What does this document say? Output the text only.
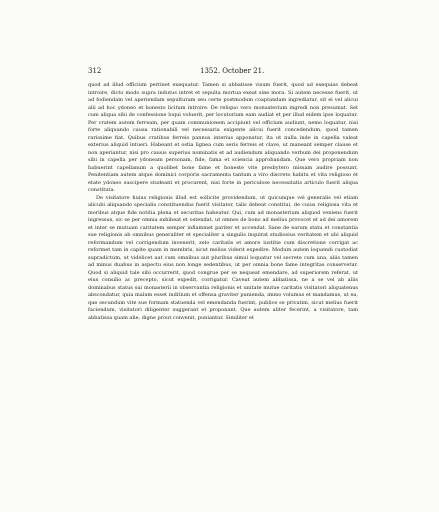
312	1352. October 21.

quod ad illud officium pertinet exequatur. Tamen si abbatisse visum fuerit, quod ad exequias debeat introire, dicto modo supra indutus intret et sepulta mortua exeat sine mora. Si autem necesse fuerit, ut ad fodiendam vel aperiendam sepulturam seu certe postmodum coaptandam ingrediatur, sit ei vel alicui alii ad hoc ydoneo et honesto licitum introire. De reliquo vero monasterium ingredi non presumat. Set cum aliqua sibi de confessione loqui voluerit, per locutorium eam audiat et per illud eidem ipse loquatur. Per cratem autem ferream, per quam communionem accipiunt vel officium audiunt, nemo loquatur, nisi forte aliquando causa rationabili vel necessaria exigente alicui fuerit concedendum, quod tamen rarissime fiat. Quibus cratibus ferreis pannus interius apponatur, ita ut nulla inde in capella valeat exterius aliquid intueri. Habeant et ostia lignea cum seris ferreis et clave, ut maneant semper clause et non aperiantur, nisi pro causis superius nominatis et ad audiendum aliquando verbum dei proponendum sibi in capella per ydoneam personam, fide, fama et sciencia approbandam. Que vero propriam non habuerint capellanum a quolibet bone fame et honeste vite presbytero missam audire possunt. Penitentiam autem atque dominici corporis sacramenta tantum a viro discreto habitu et vita religioso et etate ydoneo suscipere studeant et procurent, nisi forte in periculose necessitatis articulo fuerit aliqua constituta.

De visitatore huius religionis illud est sollicite providendum, ut quicunque vel generalis vel etiam alicubi aliquando specialis constituendus fuerit visitator, talis debeat constitui, de cuius religiosa vita et moribus atque fide notitia plena et securitas habeatur. Qui, cum ad monasterium aliquod veniens fuerit ingressus, sic se per omnia exhibeat et ostendat, ut omnes de bono ad melius provocet et ad dei amorem et inter se mutuam caritatem semper inflammet pariter et accendat. Sane de earum statu et constantia sue religionis ab omnibus generaliter et specialiter a singulis inquirat studiosius veritatem et ubi aliquid reformandum vel corrigendum invenerit, zelo caritatis et amore iustitie cum discretione corrigat ac reformet tam in capite quam in membris, sicut melius viderit expedire. Modum autem loquendi custodiat supradictum, ut videlicet aut cum omnibus aut pluribus simul loquatur vel secrete cum una, aliis tamen ad minus duabus in aspectu eius non longe sedentibus, ut per omnia bone fame integritas conservetur. Quod si aliquid tale sibi occurrerit, quod congrue per se nequeat emendare, ad superiorem referat, ut eius consilio ac precepto, sicut expedit, corrigatur. Caveat autem abbatissa, ne a se vel ab aliis dominabus status sui monasterii in observantia religionis et unitate mutue caritatis visitatori aliquatenus abscondatur, quia malum esset inditium et offensa graviter punienda, immo volumus et mandamus, ut ea, que secundum vite sue formam statuenda vel emendanda fuerint, publice se privatim, sicut melius fuerit faciendum, visitatori diligenter suggerant et proponant. Que autem aliter fecerint, a visitatore, tam abbatissa quam alie, digne prout convenit, puniantur. Similiter et
